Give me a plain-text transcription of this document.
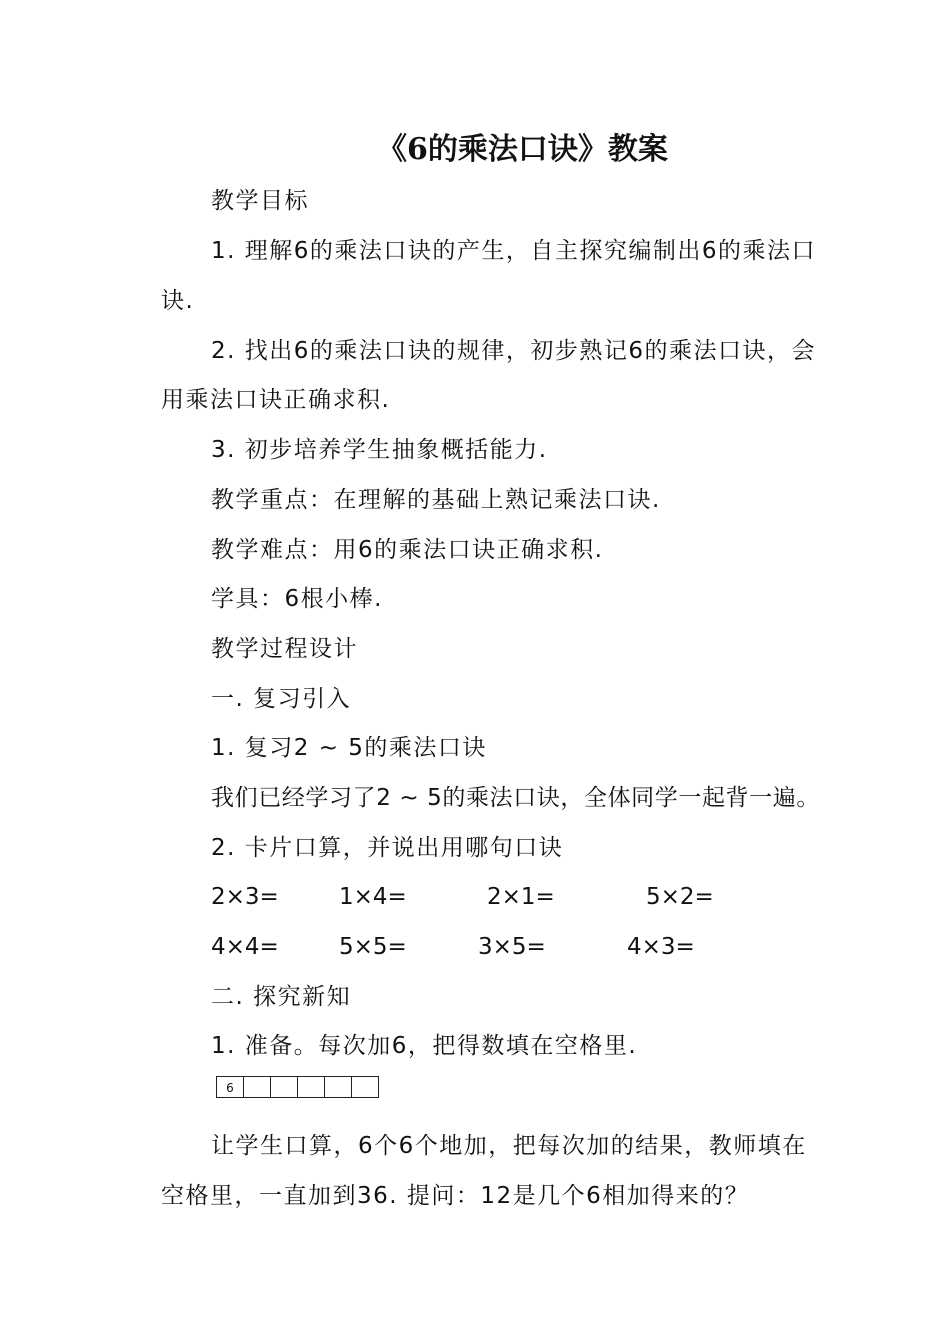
《6的乘法口诀》教案
教学目标
1. 理解6的乘法口诀的产生，自主探究编制出6的乘法口
诀.
2. 找出6的乘法口诀的规律，初步熟记6的乘法口诀，会
用乘法口诀正确求积.
3. 初步培养学生抽象概括能力.
教学重点：在理解的基础上熟记乘法口诀.
教学难点：用6的乘法口诀正确求积.
学具：6根小棒.
教学过程设计
一. 复习引入
1. 复习2 ~ 5的乘法口诀
我们已经学习了2 ~ 5的乘法口诀，全体同学一起背一遍。
2. 卡片口算，并说出用哪句口诀
2×3=	1×4=	2×1=	5×2=
4×4=	5×5=	3×5=	4×3=
二. 探究新知
1. 准备。每次加6，把得数填在空格里.
6
让学生口算，6个6个地加，把每次加的结果，教师填在
空格里，一直加到36. 提问：12是几个6相加得来的？
